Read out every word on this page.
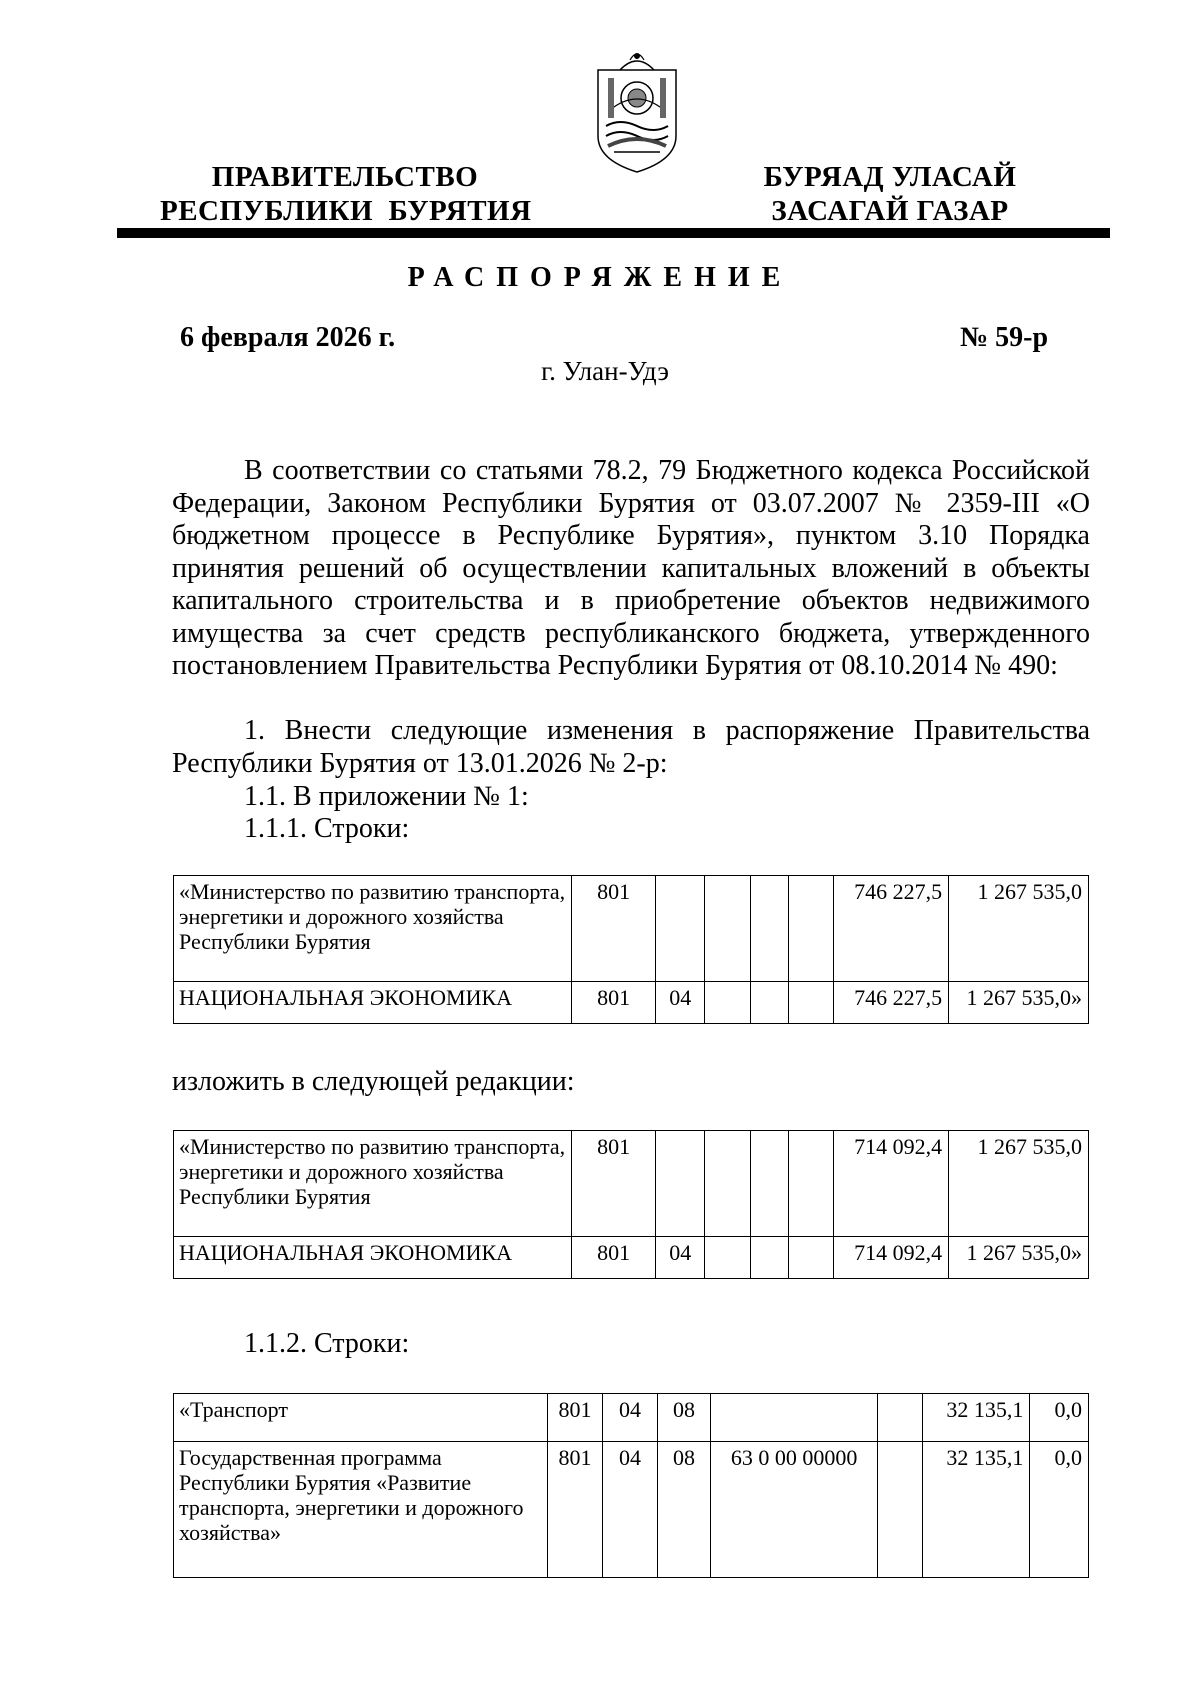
ПРАВИТЕЛЬСТВО
РЕСПУБЛИКИ  БУРЯТИЯ
БУРЯАД УЛАСАЙ
ЗАСАГАЙ ГАЗАР
РАСПОРЯЖЕНИЕ
6 февраля 2026 г.	№ 59-р
г. Улан-Удэ
В соответствии со статьями 78.2, 79 Бюджетного кодекса Российской Федерации, Законом Республики Бурятия от 03.07.2007 № 2359-III «О бюджетном процессе в Республике Бурятия», пунктом 3.10 Порядка принятия решений об осуществлении капитальных вложений в объекты капитального строительства и в приобретение объектов недвижимого имущества за счет средств республиканского бюджета, утвержденного постановлением Правительства Республики Бурятия от 08.10.2014 № 490:
1. Внести следующие изменения в распоряжение Правительства Республики Бурятия от 13.01.2026 № 2-р:
1.1. В приложении № 1:
1.1.1. Строки:
«Министерство по развитию транспорта, энергетики и дорожного хозяйства Республики Бурятия	801					746 227,5	1 267 535,0
НАЦИОНАЛЬНАЯ ЭКОНОМИКА	801	04				746 227,5	1 267 535,0»
изложить в следующей редакции:
«Министерство по развитию транспорта, энергетики и дорожного хозяйства Республики Бурятия	801					714 092,4	1 267 535,0
НАЦИОНАЛЬНАЯ ЭКОНОМИКА	801	04				714 092,4	1 267 535,0»
1.1.2. Строки:
«Транспорт	801	04	08			32 135,1	0,0
Государственная программа Республики Бурятия «Развитие транспорта, энергетики и дорожного хозяйства»	801	04	08	63 0 00 00000		32 135,1	0,0
